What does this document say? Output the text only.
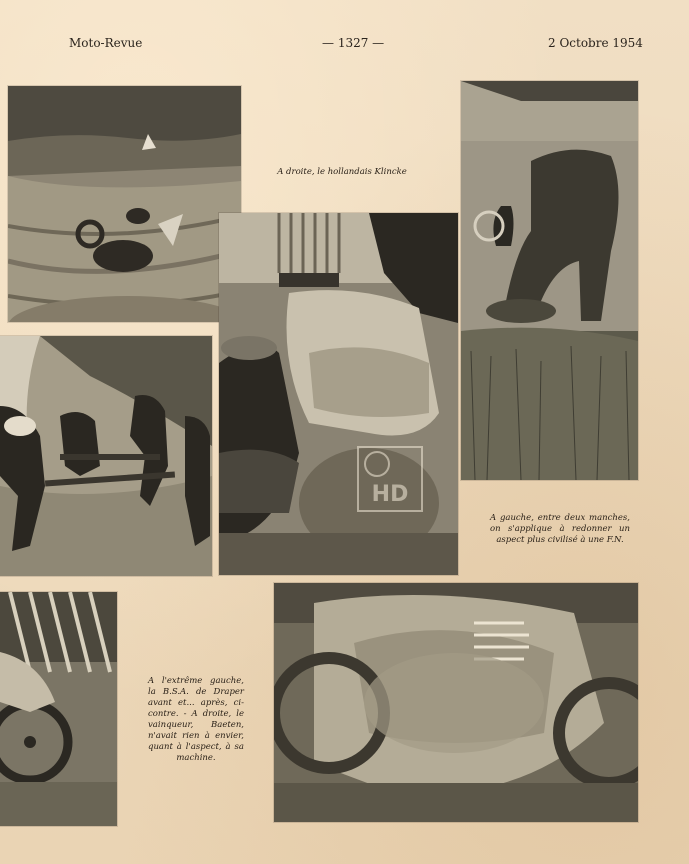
Moto-Revue	— 1327 —	2 Octobre 1954
HD
A droite, le hollandais Klincke
A gauche, entre deux manches, on s'applique à redonner un aspect plus civilisé à une F.N.
A l'extrême gauche, la B.S.A. de Draper avant et... après, ci-contre. - A droite, le vainqueur, Baeten, n'avait rien à envier, quant à l'aspect, à sa machine.
